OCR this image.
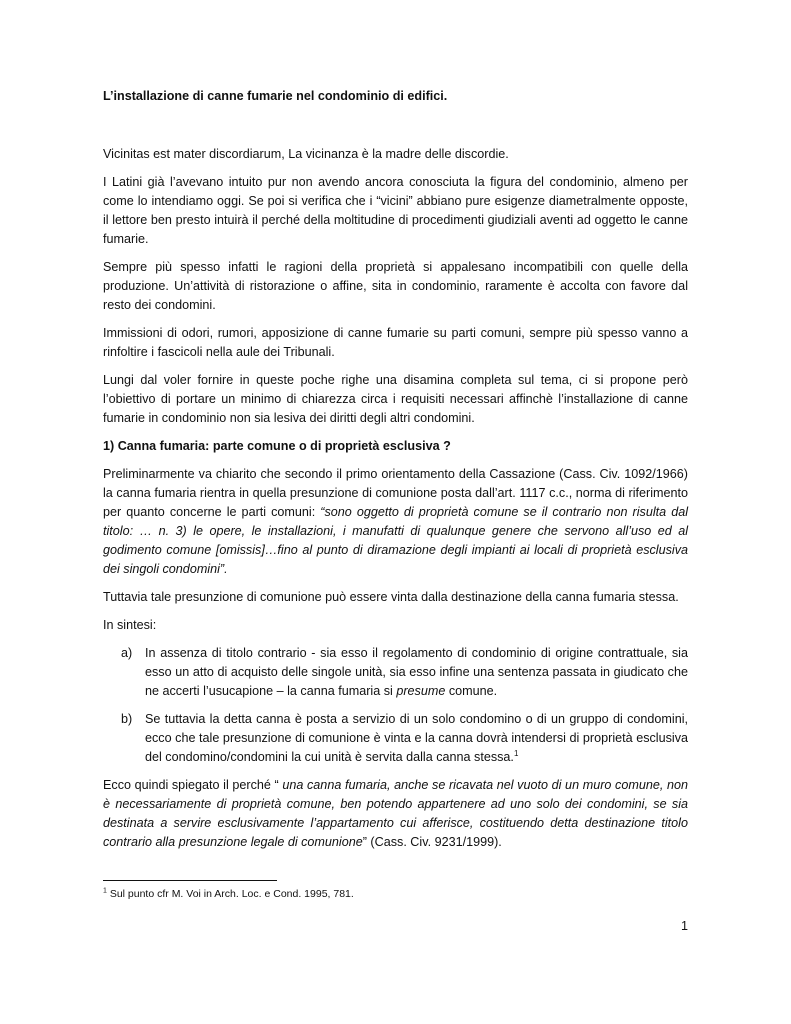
L’installazione di canne fumarie nel condominio di edifici.

Vicinitas est mater discordiarum, La vicinanza è la madre delle discordie.

I Latini già l’avevano intuito pur non avendo ancora conosciuta la figura del condominio, almeno per come lo intendiamo oggi. Se poi si verifica che i “vicini” abbiano pure esigenze diametralmente opposte, il lettore ben presto intuirà il perché della moltitudine di procedimenti giudiziali aventi ad oggetto le canne fumarie.

Sempre più spesso infatti le ragioni della proprietà si appalesano incompatibili con quelle della produzione. Un’attività di ristorazione o affine, sita in condominio, raramente è accolta con favore dal resto dei condomini.

Immissioni di odori, rumori, apposizione di canne fumarie su parti comuni, sempre più spesso vanno a rinfoltire i fascicoli nella aule dei Tribunali.

Lungi dal voler fornire in queste poche righe una disamina completa sul tema, ci si propone però l’obiettivo di portare un minimo di chiarezza circa i requisiti necessari affinchè l’installazione di canne fumarie in condominio non sia lesiva dei diritti degli altri condomini.

1) Canna fumaria: parte comune o di proprietà esclusiva ?

Preliminarmente va chiarito che secondo il primo orientamento della Cassazione (Cass. Civ. 1092/1966) la canna fumaria rientra in quella presunzione di comunione posta dall’art. 1117 c.c., norma di riferimento per quanto concerne le parti comuni: “sono oggetto di proprietà comune se il contrario non risulta dal titolo: … n. 3) le opere, le installazioni, i manufatti di qualunque genere che servono all’uso ed al godimento comune [omissis]…fino al punto di diramazione degli impianti ai locali di proprietà esclusiva dei singoli condomini”.

Tuttavia tale presunzione di comunione può essere vinta dalla destinazione della canna fumaria stessa.

In sintesi:

a) In assenza di titolo contrario - sia esso il regolamento di condominio di origine contrattuale, sia esso un atto di acquisto delle singole unità, sia esso infine una sentenza passata in giudicato che ne accerti l’usucapione – la canna fumaria si presume comune.
b) Se tuttavia la detta canna è posta a servizio di un solo condomino o di un gruppo di condomini, ecco che tale presunzione di comunione è vinta e la canna dovrà intendersi di proprietà esclusiva del condomino/condomini la cui unità è servita dalla canna stessa.$^1$

Ecco quindi spiegato il perché “ una canna fumaria, anche se ricavata nel vuoto di un muro comune, non è necessariamente di proprietà comune, ben potendo appartenere ad uno solo dei condomini, se sia destinata a servire esclusivamente l’appartamento cui afferisce, costituendo detta destinazione titolo contrario alla presunzione legale di comunione” (Cass. Civ. 9231/1999).

$^1$ Sul punto cfr M. Voi in Arch. Loc. e Cond. 1995, 781.

1
